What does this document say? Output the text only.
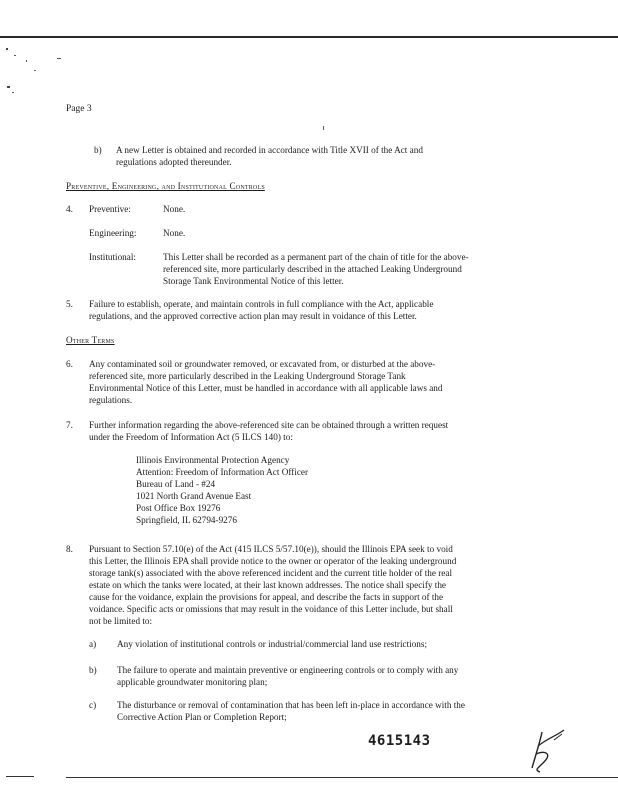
Page 3
b) A new Letter is obtained and recorded in accordance with Title XVII of the Act and
regulations adopted thereunder.
Preventive, Engineering, and Institutional Controls
4. Preventive:	None.
Engineering:	None.
Institutional:	This Letter shall be recorded as a permanent part of the chain of title for the above-
referenced site, more particularly described in the attached Leaking Underground
Storage Tank Environmental Notice of this letter.
5. Failure to establish, operate, and maintain controls in full compliance with the Act, applicable
regulations, and the approved corrective action plan may result in voidance of this Letter.
Other Terms
6. Any contaminated soil or groundwater removed, or excavated from, or disturbed at the above-
referenced site, more particularly described in the Leaking Underground Storage Tank
Environmental Notice of this Letter, must be handled in accordance with all applicable laws and
regulations.
7. Further information regarding the above-referenced site can be obtained through a written request
under the Freedom of Information Act (5 ILCS 140) to:
Illinois Environmental Protection Agency
Attention: Freedom of Information Act Officer
Bureau of Land - #24
1021 North Grand Avenue East
Post Office Box 19276
Springfield, IL 62794-9276
8. Pursuant to Section 57.10(e) of the Act (415 ILCS 5/57.10(e)), should the Illinois EPA seek to void
this Letter, the Illinois EPA shall provide notice to the owner or operator of the leaking underground
storage tank(s) associated with the above referenced incident and the current title holder of the real
estate on which the tanks were located, at their last known addresses. The notice shall specify the
cause for the voidance, explain the provisions for appeal, and describe the facts in support of the
voidance. Specific acts or omissions that may result in the voidance of this Letter include, but shall
not be limited to:
a) Any violation of institutional controls or industrial/commercial land use restrictions;
b) The failure to operate and maintain preventive or engineering controls or to comply with any
applicable groundwater monitoring plan;
c) The disturbance or removal of contamination that has been left in-place in accordance with the
Corrective Action Plan or Completion Report;
4615143
